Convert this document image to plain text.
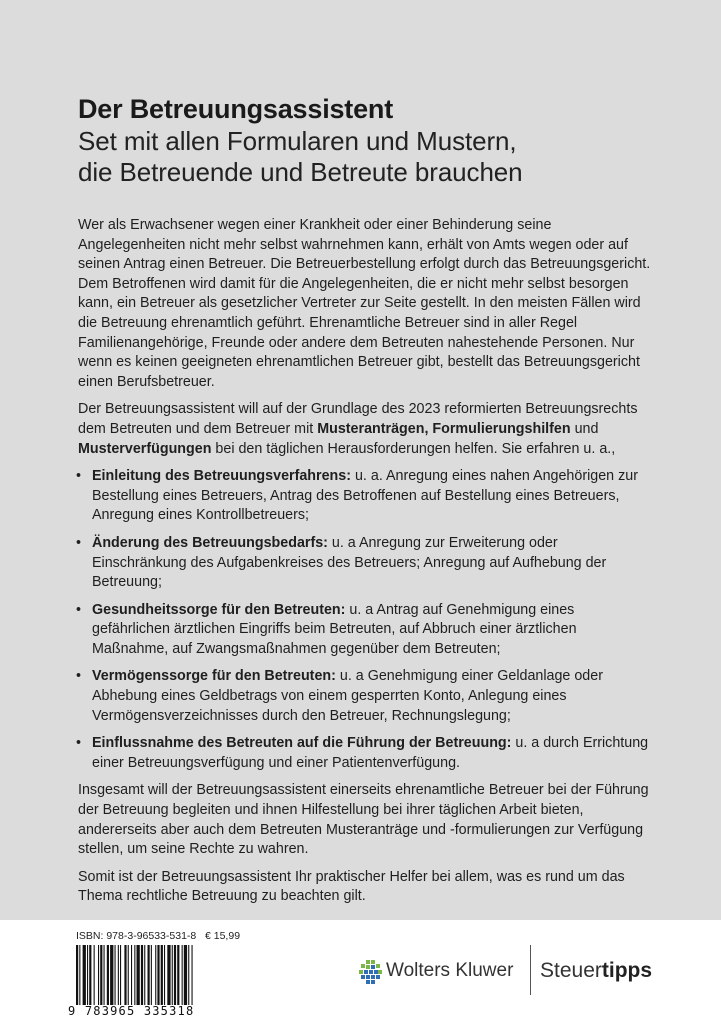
Der Betreuungsassistent
Set mit allen Formularen und Mustern,
die Betreuende und Betreute brauchen

Wer als Erwachsener wegen einer Krankheit oder einer Behinderung seine Angelegenheiten nicht mehr selbst wahrnehmen kann, erhält von Amts wegen oder auf seinen Antrag einen Betreuer. Die Betreuerbestellung erfolgt durch das Betreuungsgericht. Dem Betroffenen wird damit für die Angelegenheiten, die er nicht mehr selbst besorgen kann, ein Betreuer als gesetzlicher Vertreter zur Seite gestellt. In den meisten Fällen wird die Betreuung ehrenamtlich geführt. Ehrenamtliche Betreuer sind in aller Regel Familienangehörige, Freunde oder andere dem Betreuten nahestehende Personen. Nur wenn es keinen geeigneten ehrenamtlichen Betreuer gibt, bestellt das Betreuungsgericht einen Berufsbetreuer.

Der Betreuungsassistent will auf der Grundlage des 2023 reformierten Betreuungsrechts dem Betreuten und dem Betreuer mit Musteranträgen, Formulierungshilfen und Musterverfügungen bei den täglichen Herausforderungen helfen. Sie erfahren u. a.,

• Einleitung des Betreuungsverfahrens: u. a. Anregung eines nahen Angehörigen zur Bestellung eines Betreuers, Antrag des Betroffenen auf Bestellung eines Betreuers, Anregung eines Kontrollbetreuers;
• Änderung des Betreuungsbedarfs: u. a Anregung zur Erweiterung oder Einschränkung des Aufgabenkreises des Betreuers; Anregung auf Aufhebung der Betreuung;
• Gesundheitssorge für den Betreuten: u. a Antrag auf Genehmigung eines gefährlichen ärztlichen Eingriffs beim Betreuten, auf Abbruch einer ärztlichen Maßnahme, auf Zwangsmaßnahmen gegenüber dem Betreuten;
• Vermögenssorge für den Betreuten: u. a Genehmigung einer Geldanlage oder Abhebung eines Geldbetrags von einem gesperrten Konto, Anlegung eines Vermögensverzeichnisses durch den Betreuer, Rechnungslegung;
• Einflussnahme des Betreuten auf die Führung der Betreuung: u. a durch Errichtung einer Betreuungsverfügung und einer Patientenverfügung.

Insgesamt will der Betreuungsassistent einerseits ehrenamtliche Betreuer bei der Führung der Betreuung begleiten und ihnen Hilfestellung bei ihrer täglichen Arbeit bieten, andererseits aber auch dem Betreuten Musteranträge und -formulierungen zur Verfügung stellen, um seine Rechte zu wahren.

Somit ist der Betreuungsassistent Ihr praktischer Helfer bei allem, was es rund um das Thema rechtliche Betreuung zu beachten gilt.

ISBN: 978-3-96533-531-8 € 15,99
9 783965 335318
Wolters Kluwer Steuertipps
